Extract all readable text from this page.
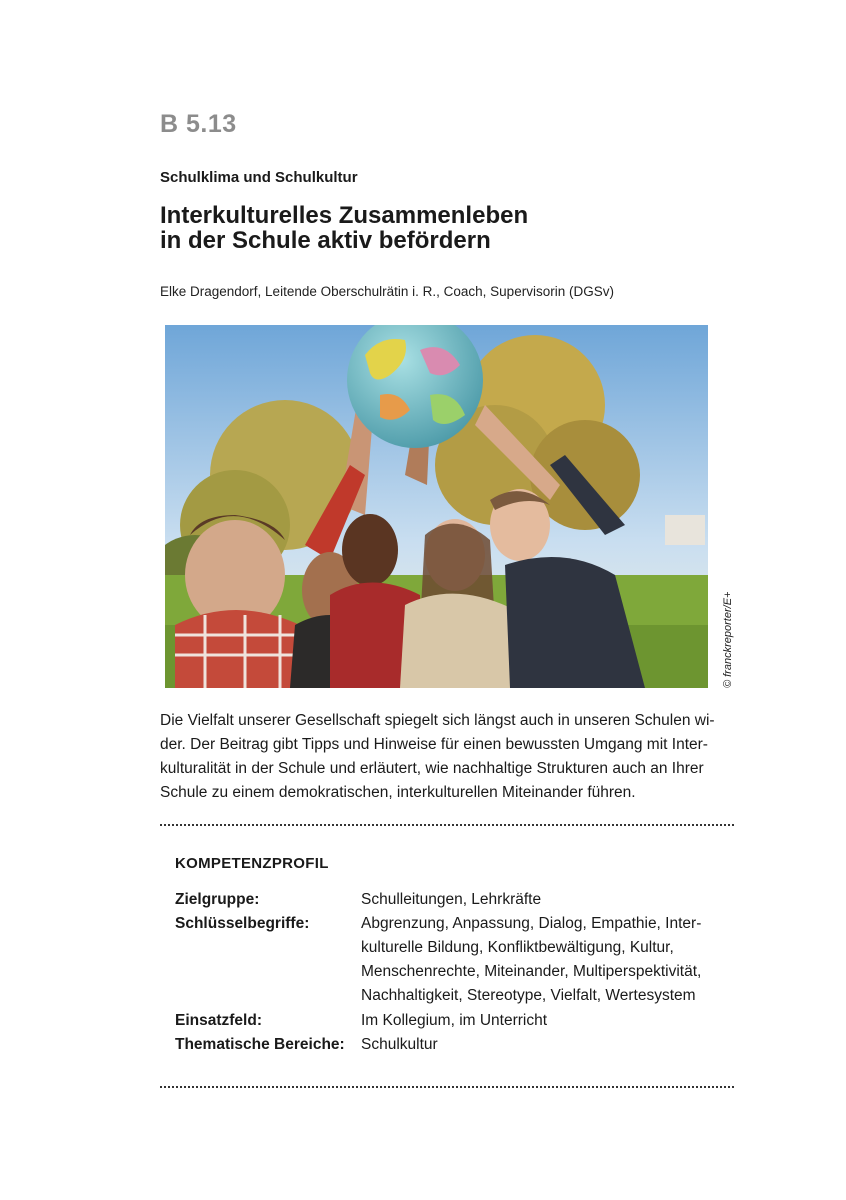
B 5.13
Schulklima und Schulkultur
Interkulturelles Zusammenleben
in der Schule aktiv befördern
Elke Dragendorf, Leitende Oberschulrätin i. R., Coach, Supervisorin (DGSv)
© franckreporter/E+
Die Vielfalt unserer Gesellschaft spiegelt sich längst auch in unseren Schulen wi-
der. Der Beitrag gibt Tipps und Hinweise für einen bewussten Umgang mit Inter-
kulturalität in der Schule und erläutert, wie nachhaltige Strukturen auch an Ihrer
Schule zu einem demokratischen, interkulturellen Miteinander führen.
KOMPETENZPROFIL
Zielgruppe:	Schulleitungen, Lehrkräfte
Schlüsselbegriffe:	Abgrenzung, Anpassung, Dialog, Empathie, Inter-
kulturelle Bildung, Konfliktbewältigung, Kultur,
Menschenrechte, Miteinander, Multiperspektivität,
Nachhaltigkeit, Stereotype, Vielfalt, Wertesystem
Einsatzfeld:	Im Kollegium, im Unterricht
Thematische Bereiche: Schulkultur
